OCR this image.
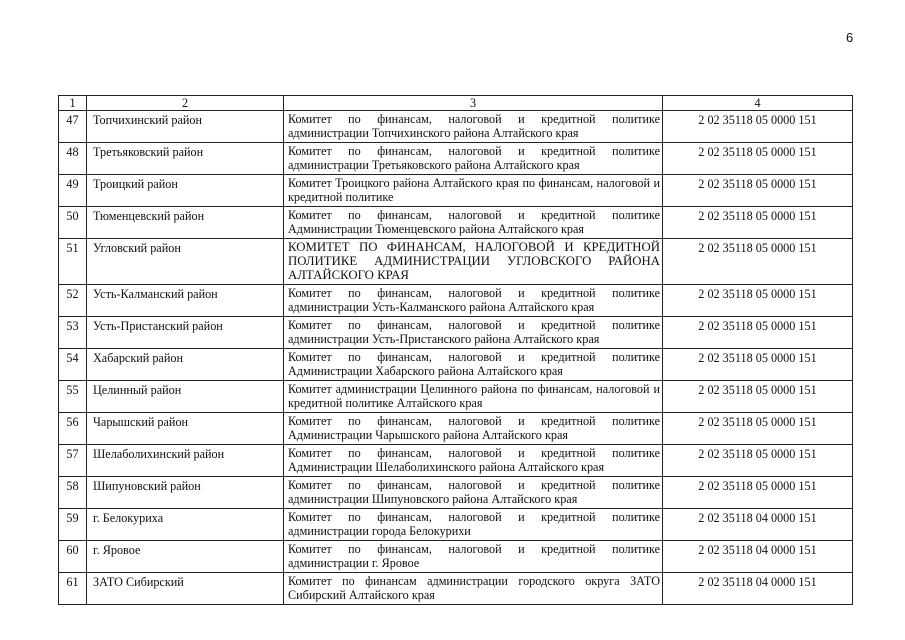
6
1	2	3	4
47	Топчихинский район	Комитет по финансам, налоговой и кредитной политике администрации Топчихинского района Алтайского края	2 02 35118 05 0000 151
48	Третьяковский район	Комитет по финансам, налоговой и кредитной политике администрации Третьяковского района Алтайского края	2 02 35118 05 0000 151
49	Троицкий район	Комитет Троицкого района Алтайского края по финансам, налоговой и кредитной политике	2 02 35118 05 0000 151
50	Тюменцевский район	Комитет по финансам, налоговой и кредитной политике Администрации Тюменцевского района Алтайского края	2 02 35118 05 0000 151
51	Угловский район	КОМИТЕТ ПО ФИНАНСАМ, НАЛОГОВОЙ И КРЕДИТНОЙ ПОЛИТИКЕ АДМИНИСТРАЦИИ УГЛОВСКОГО РАЙОНА АЛТАЙСКОГО КРАЯ	2 02 35118 05 0000 151
52	Усть-Калманский район	Комитет по финансам, налоговой и кредитной политике администрации Усть-Калманского района Алтайского края	2 02 35118 05 0000 151
53	Усть-Пристанский район	Комитет по финансам, налоговой и кредитной политике администрации Усть-Пристанского района Алтайского края	2 02 35118 05 0000 151
54	Хабарский район	Комитет по финансам, налоговой и кредитной политике Администрации Хабарского района Алтайского края	2 02 35118 05 0000 151
55	Целинный район	Комитет администрации Целинного района по финансам, налоговой и кредитной политике Алтайского края	2 02 35118 05 0000 151
56	Чарышский район	Комитет по финансам, налоговой и кредитной политике Администрации Чарышского района Алтайского края	2 02 35118 05 0000 151
57	Шелаболихинский район	Комитет по финансам, налоговой и кредитной политике Администрации Шелаболихинского района Алтайского края	2 02 35118 05 0000 151
58	Шипуновский район	Комитет по финансам, налоговой и кредитной политике администрации Шипуновского района Алтайского края	2 02 35118 05 0000 151
59	г. Белокуриха	Комитет по финансам, налоговой и кредитной политике администрации города Белокурихи	2 02 35118 04 0000 151
60	г. Яровое	Комитет по финансам, налоговой и кредитной политике администрации г. Яровое	2 02 35118 04 0000 151
61	ЗАТО Сибирский	Комитет по финансам администрации городского округа ЗАТО Сибирский Алтайского края	2 02 35118 04 0000 151
